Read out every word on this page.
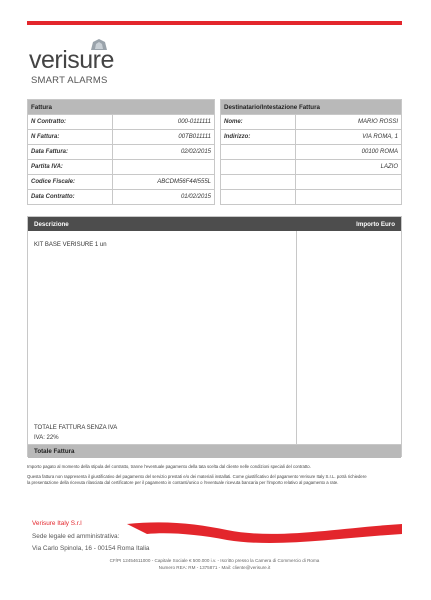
verisure
SMART ALARMS
Fattura	
N Contratto:	000-0111111
N Fattura:	00TB011111
Data Fattura:	02/02/2015
Partita IVA:	
Codice Fiscale:	ABCDM56F44I555L
Data Contratto:	01/02/2015
Destinatario/Intestazione Fattura	
Nome:	MARIO ROSSI
Indirizzo:	VIA ROMA, 1
	00100 ROMA
	LAZIO

Descrizione	Importo Euro
KIT BASE VERISURE 1 un
TOTALE FATTURA SENZA IVA
IVA: 22%
Totale Fattura
Importo pagato al momento della stipula del contratto, tranne l'eventuale pagamento della tata scelta dal cliente nelle condizioni speciali del contratto.
Questa fattura non rappresenta il giustificativo del pagamento del servizio prestati e/o dei materiali installati. Come giustificativo del pagamento Verisure Italy S.r.L. potrà richiedere
la presentazione della ricevuta rilasciata dal certificatore per il pagamento in contanti/unico o l'eventuale ricevuta bancaria per l'importo relativo al pagamento a rate.
Verisure Italy S.r.l
Sede legale ed amministrativa:
Via Carlo Spinola, 16 - 00154 Roma Italia
CF/PI 12454611000 - Capitale Sociale € 500.000 i.v. - Iscritto presso la Camera di Commercio di Roma
Numero REA: RM - 1375871 - Mail: cliente@verisure.it
